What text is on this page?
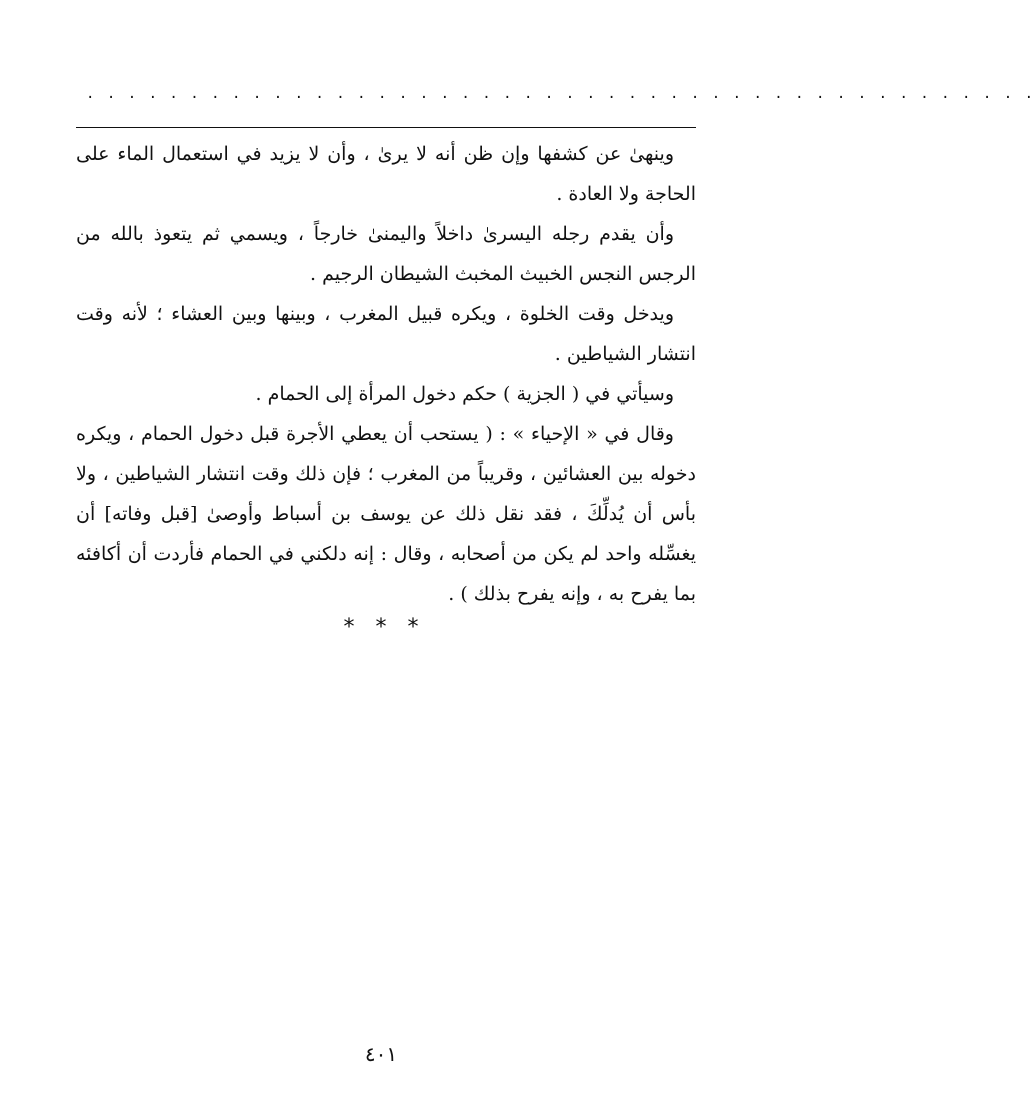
. . . . . . . . . . . . . . . . . . . . . . . . . . . . . . . . . . . . . . . . . . . . . .

وينهىٰ عن كشفها وإن ظن أنه لا يرىٰ ، وأن لا يزيد في استعمال الماء على الحاجة ولا العادة .

وأن يقدم رجله اليسرىٰ داخلاً واليمنىٰ خارجاً ، ويسمي ثم يتعوذ بالله من الرجس النجس الخبيث المخبث الشيطان الرجيم .

ويدخل وقت الخلوة ، ويكره قبيل المغرب ، وبينها وبين العشاء ؛ لأنه وقت انتشار الشياطين .

وسيأتي في ( الجزية ) حكم دخول المرأة إلى الحمام .

وقال في « الإحياء » : ( يستحب أن يعطي الأجرة قبل دخول الحمام ، ويكره دخوله بين العشائين ، وقريباً من المغرب ؛ فإن ذلك وقت انتشار الشياطين ، ولا بأس أن يُدلِّكَ ، فقد نقل ذلك عن يوسف بن أسباط وأوصىٰ [قبل وفاته] أن يغسِّله واحد لم يكن من أصحابه ، وقال : إنه دلكني في الحمام فأردت أن أكافئه بما يفرح به ، وإنه يفرح بذلك ) .

* * *
٤٠١
